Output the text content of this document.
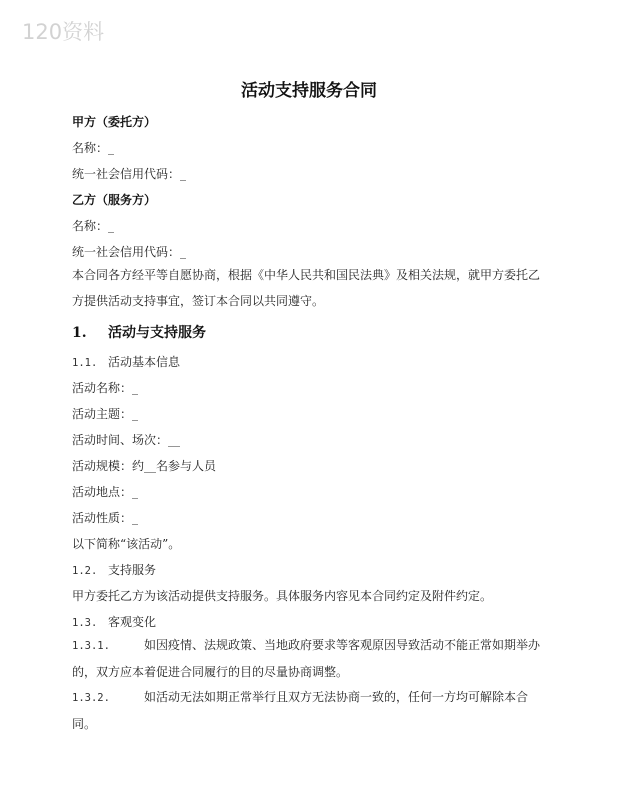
120资料
活动支持服务合同
甲方（委托方）
名称：_
统一社会信用代码：_
乙方（服务方）
名称：_
统一社会信用代码：_
本合同各方经平等自愿协商，根据《中华人民共和国民法典》及相关法规，就甲方委托乙方提供活动支持事宜，签订本合同以共同遵守。
1. 活动与支持服务
1.1. 活动基本信息
活动名称：_
活动主题：_
活动时间、场次：__
活动规模：约__名参与人员
活动地点：_
活动性质：_
以下简称“该活动”。
1.2. 支持服务
甲方委托乙方为该活动提供支持服务。具体服务内容见本合同约定及附件约定。
1.3. 客观变化
1.3.1.	如因疫情、法规政策、当地政府要求等客观原因导致活动不能正常如期举办的，双方应本着促进合同履行的目的尽量协商调整。
1.3.2.	如活动无法如期正常举行且双方无法协商一致的，任何一方均可解除本合同。
